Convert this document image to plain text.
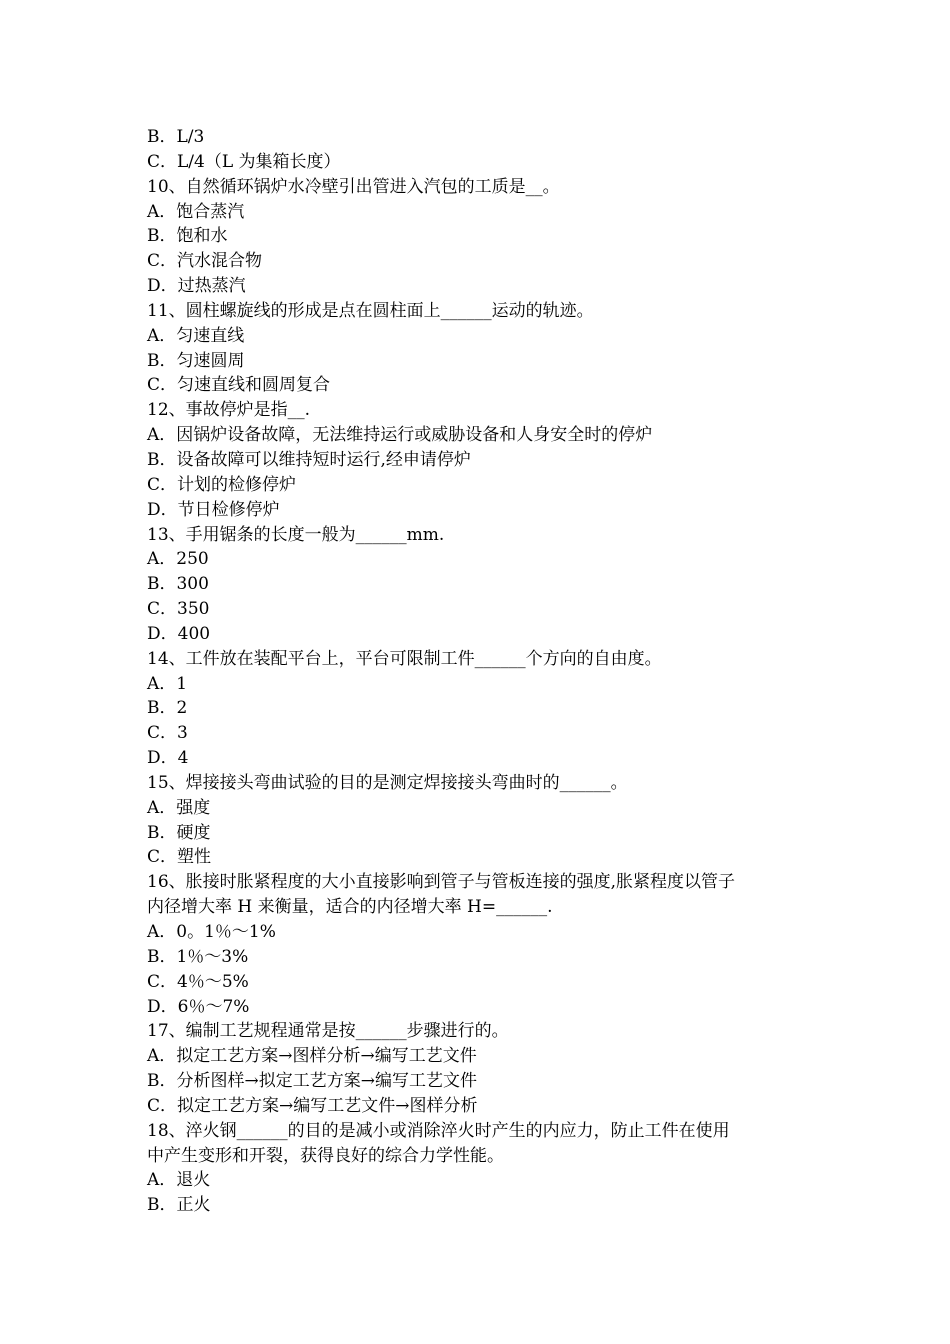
B．L/3
C．L/4（L 为集箱长度）
10、自然循环锅炉水冷壁引出管进入汽包的工质是__。
A．饱合蒸汽
B．饱和水
C．汽水混合物
D．过热蒸汽
11、圆柱螺旋线的形成是点在圆柱面上______运动的轨迹。
A．匀速直线
B．匀速圆周
C．匀速直线和圆周复合
12、事故停炉是指__.
A．因锅炉设备故障，无法维持运行或威胁设备和人身安全时的停炉
B．设备故障可以维持短时运行,经申请停炉
C．计划的检修停炉
D．节日检修停炉
13、手用锯条的长度一般为______mm.
A．250
B．300
C．350
D．400
14、工件放在装配平台上，平台可限制工件______个方向的自由度。
A．1
B．2
C．3
D．4
15、焊接接头弯曲试验的目的是测定焊接接头弯曲时的______。
A．强度
B．硬度
C．塑性
16、胀接时胀紧程度的大小直接影响到管子与管板连接的强度,胀紧程度以管子
内径增大率 H 来衡量，适合的内径增大率 H=______.
A．0。1％～1%
B．1％～3%
C．4％～5%
D．6％～7%
17、编制工艺规程通常是按______步骤进行的。
A．拟定工艺方案→图样分析→编写工艺文件
B．分析图样→拟定工艺方案→编写工艺文件
C．拟定工艺方案→编写工艺文件→图样分析
18、淬火钢______的目的是减小或消除淬火时产生的内应力，防止工件在使用
中产生变形和开裂，获得良好的综合力学性能。
A．退火
B．正火
